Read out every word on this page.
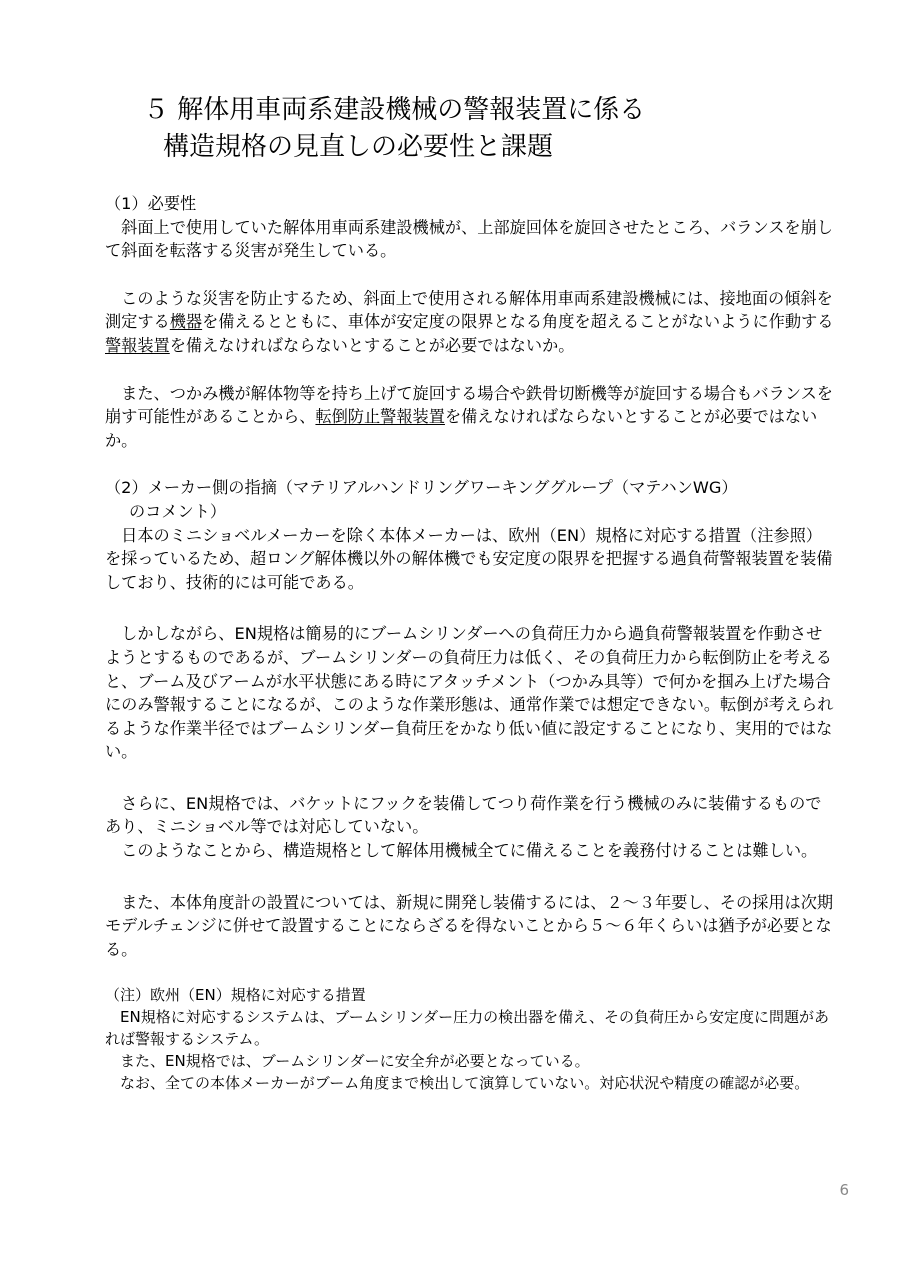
５ 解体用車両系建設機械の警報装置に係る
構造規格の見直しの必要性と課題

（1）必要性

　斜面上で使用していた解体用車両系建設機械が、上部旋回体を旋回させたところ、バランスを崩して斜面を転落する災害が発生している。

　このような災害を防止するため、斜面上で使用される解体用車両系建設機械には、接地面の傾斜を測定する機器を備えるとともに、車体が安定度の限界となる角度を超えることがないように作動する警報装置を備えなければならないとすることが必要ではないか。

　また、つかみ機が解体物等を持ち上げて旋回する場合や鉄骨切断機等が旋回する場合もバランスを崩す可能性があることから、転倒防止警報装置を備えなければならないとすることが必要ではないか。

（2）メーカー側の指摘（マテリアルハンドリングワーキンググループ（マテハンWG）

のコメント）

　日本のミニショベルメーカーを除く本体メーカーは、欧州（EN）規格に対応する措置（注参照）を採っているため、超ロング解体機以外の解体機でも安定度の限界を把握する過負荷警報装置を装備しており、技術的には可能である。

　しかしながら、EN規格は簡易的にブームシリンダーへの負荷圧力から過負荷警報装置を作動させようとするものであるが、ブームシリンダーの負荷圧力は低く、その負荷圧力から転倒防止を考えると、ブーム及びアームが水平状態にある時にアタッチメント（つかみ具等）で何かを掴み上げた場合にのみ警報することになるが、このような作業形態は、通常作業では想定できない。転倒が考えられるような作業半径ではブームシリンダー負荷圧をかなり低い値に設定することになり、実用的ではない。

　さらに、EN規格では、バケットにフックを装備してつり荷作業を行う機械のみに装備するものであり、ミニショベル等では対応していない。

　このようなことから、構造規格として解体用機械全てに備えることを義務付けることは難しい。

　また、本体角度計の設置については、新規に開発し装備するには、２～３年要し、その採用は次期モデルチェンジに併せて設置することにならざるを得ないことから５～６年くらいは猶予が必要となる。

（注）欧州（EN）規格に対応する措置

　EN規格に対応するシステムは、ブームシリンダー圧力の検出器を備え、その負荷圧から安定度に問題があれば警報するシステム。

　また、EN規格では、ブームシリンダーに安全弁が必要となっている。

　なお、全ての本体メーカーがブーム角度まで検出して演算していない。対応状況や精度の確認が必要。

6
